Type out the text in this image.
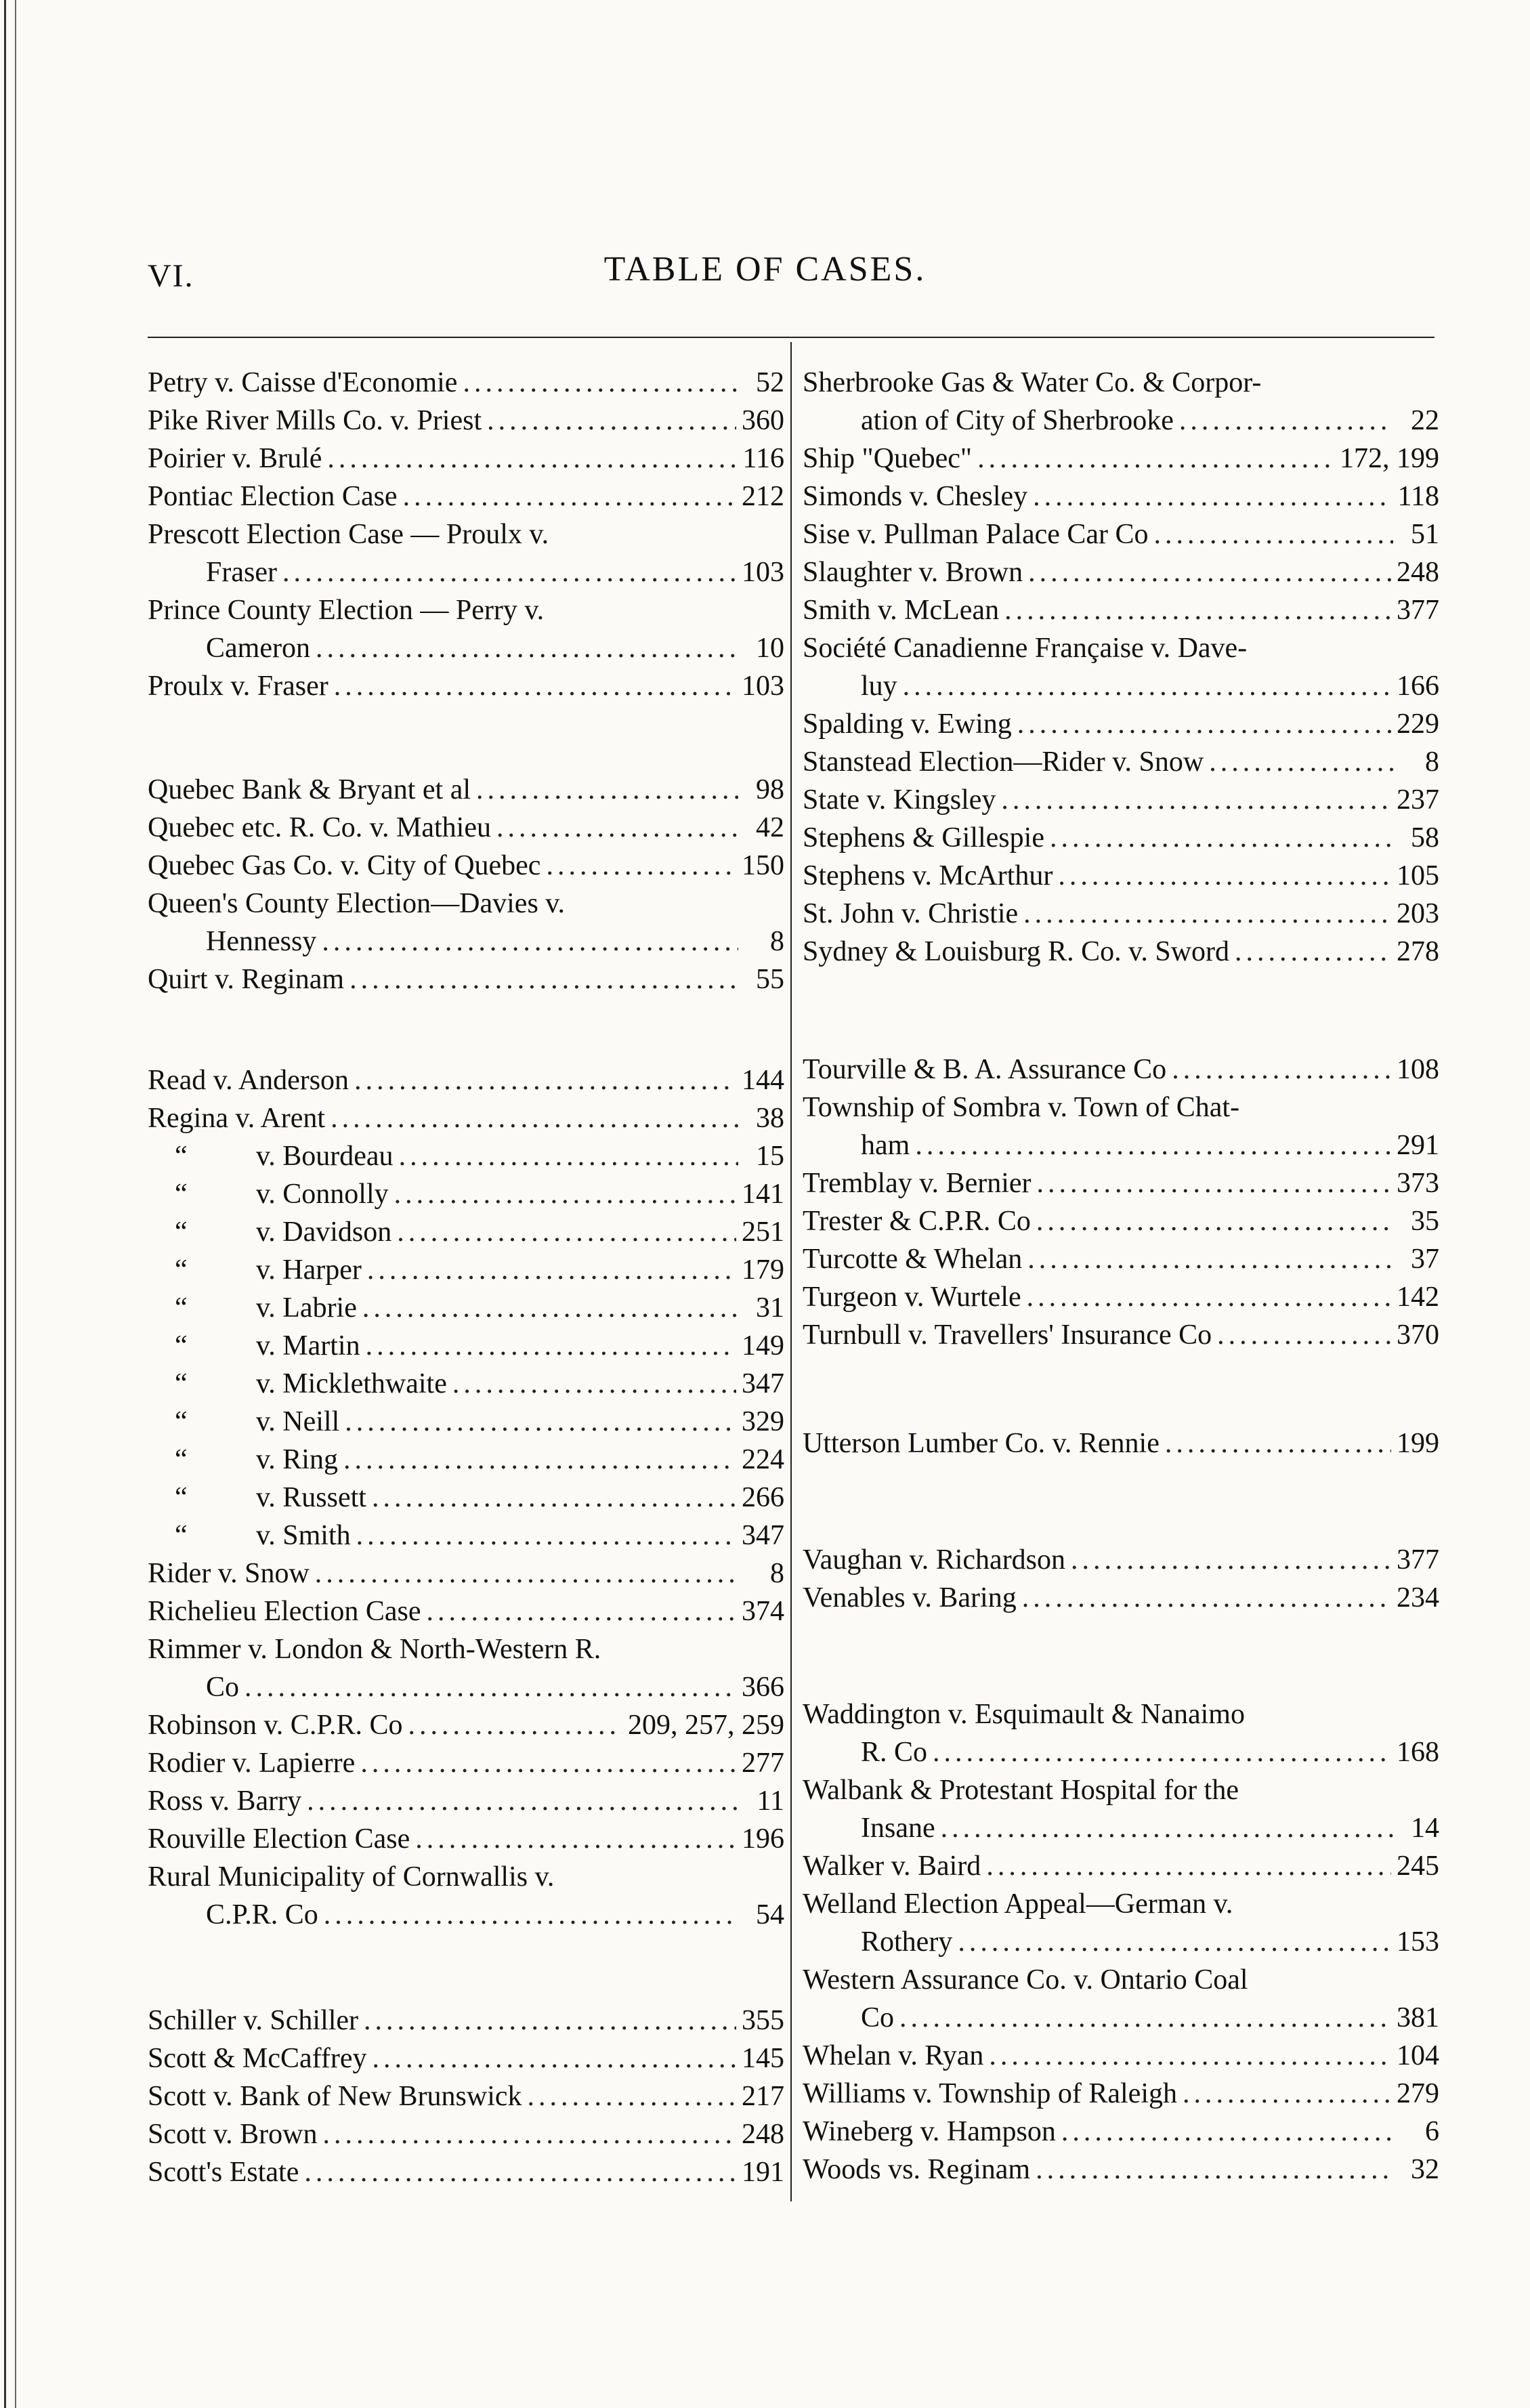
VI.	TABLE OF CASES.
Petry v. Caisse d'Economie .....	52
Pike River Mills Co. v. Priest .....	360
Poirier v. Brulé .....	116
Pontiac Election Case .....	212
Prescott Election Case — Proulx v.
Fraser .....	103
Prince County Election — Perry v.
Cameron .....	10
Proulx v. Fraser .....	103
Quebec Bank & Bryant et al .....	98
Quebec etc. R. Co. v. Mathieu .....	42
Quebec Gas Co. v. City of Quebec .....	150
Queen's County Election—Davies v.
Hennessy .....	8
Quirt v. Reginam .....	55
Read v. Anderson .....	144
Regina v. Arent .....	38
“	v. Bourdeau .....	15
“	v. Connolly .....	141
“	v. Davidson .....	251
“	v. Harper .....	179
“	v. Labrie .....	31
“	v. Martin .....	149
“	v. Micklethwaite .....	347
“	v. Neill .....	329
“	v. Ring .....	224
“	v. Russett .....	266
“	v. Smith .....	347
Rider v. Snow .....	8
Richelieu Election Case .....	374
Rimmer v. London & North-Western R.
Co .....	366
Robinson v. C.P.R. Co .....	209, 257, 259
Rodier v. Lapierre .....	277
Ross v. Barry .....	11
Rouville Election Case .....	196
Rural Municipality of Cornwallis v.
C.P.R. Co .....	54
Schiller v. Schiller .....	355
Scott & McCaffrey .....	145
Scott v. Bank of New Brunswick .....	217
Scott v. Brown .....	248
Scott's Estate .....	191
Sherbrooke Gas & Water Co. & Corpor-
ation of City of Sherbrooke .....	22
Ship "Quebec" .....	172, 199
Simonds v. Chesley .....	118
Sise v. Pullman Palace Car Co .....	51
Slaughter v. Brown .....	248
Smith v. McLean .....	377
Société Canadienne Française v. Dave-
luy .....	166
Spalding v. Ewing .....	229
Stanstead Election—Rider v. Snow .....	8
State v. Kingsley .....	237
Stephens & Gillespie .....	58
Stephens v. McArthur .....	105
St. John v. Christie .....	203
Sydney & Louisburg R. Co. v. Sword .....	278
Tourville & B. A. Assurance Co .....	108
Township of Sombra v. Town of Chat-
ham .....	291
Tremblay v. Bernier .....	373
Trester & C.P.R. Co .....	35
Turcotte & Whelan .....	37
Turgeon v. Wurtele .....	142
Turnbull v. Travellers' Insurance Co .....	370
Utterson Lumber Co. v. Rennie .....	199
Vaughan v. Richardson .....	377
Venables v. Baring .....	234
Waddington v. Esquimault & Nanaimo
R. Co .....	168
Walbank & Protestant Hospital for the
Insane .....	14
Walker v. Baird .....	245
Welland Election Appeal—German v.
Rothery .....	153
Western Assurance Co. v. Ontario Coal
Co .....	381
Whelan v. Ryan .....	104
Williams v. Township of Raleigh .....	279
Wineberg v. Hampson .....	6
Woods vs. Reginam .....	32
